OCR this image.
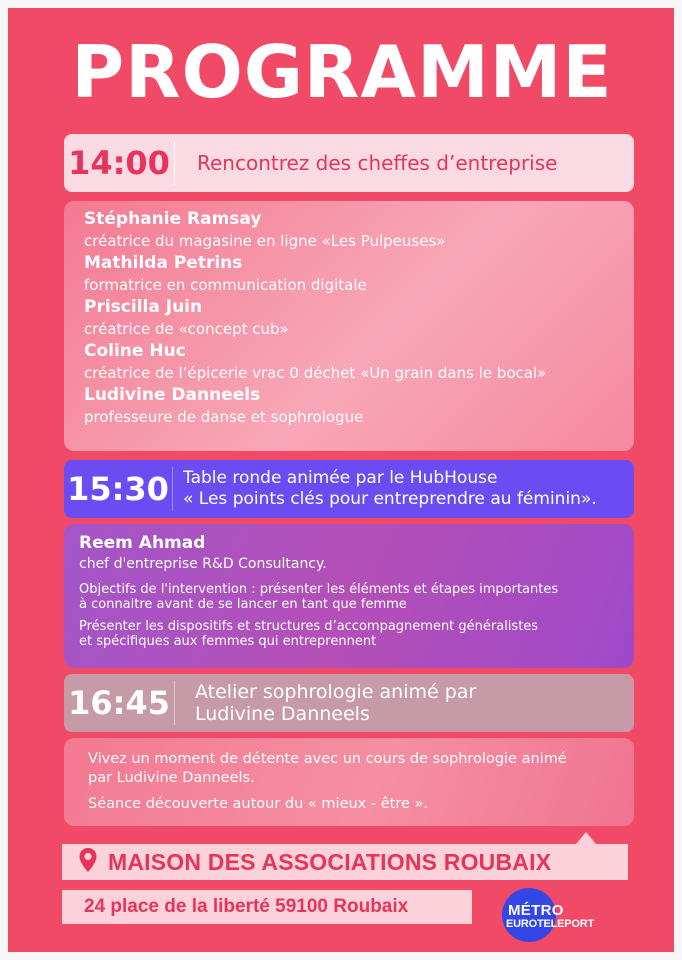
PROGRAMME
14:00 Rencontrez des cheffes d’entreprise
Stéphanie Ramsay
créatrice du magasine en ligne «Les Pulpeuses»
Mathilda Petrins
formatrice en communication digitale
Priscilla Juin
créatrice de «concept cub»
Coline Huc
créatrice de l’épicerie vrac 0 déchet «Un grain dans le bocal»
Ludivine Danneels
professeure de danse et sophrologue
15:30 Table ronde animée par le HubHouse
« Les points clés pour entreprendre au féminin».
Reem Ahmad
chef d'entreprise R&D Consultancy.
Objectifs de l'intervention : présenter les éléments et étapes importantes
à connaitre avant de se lancer en tant que femme
Présenter les dispositifs et structures d’accompagnement généralistes
et spécifiques aux femmes qui entreprennent
16:45 Atelier sophrologie animé par
Ludivine Danneels
Vivez un moment de détente avec un cours de sophrologie animé
par Ludivine Danneels.
Séance découverte autour du « mieux - être ».
MAISON DES ASSOCIATIONS ROUBAIX
24 place de la liberté 59100 Roubaix	MÉTRO
EUROTELEPORT
